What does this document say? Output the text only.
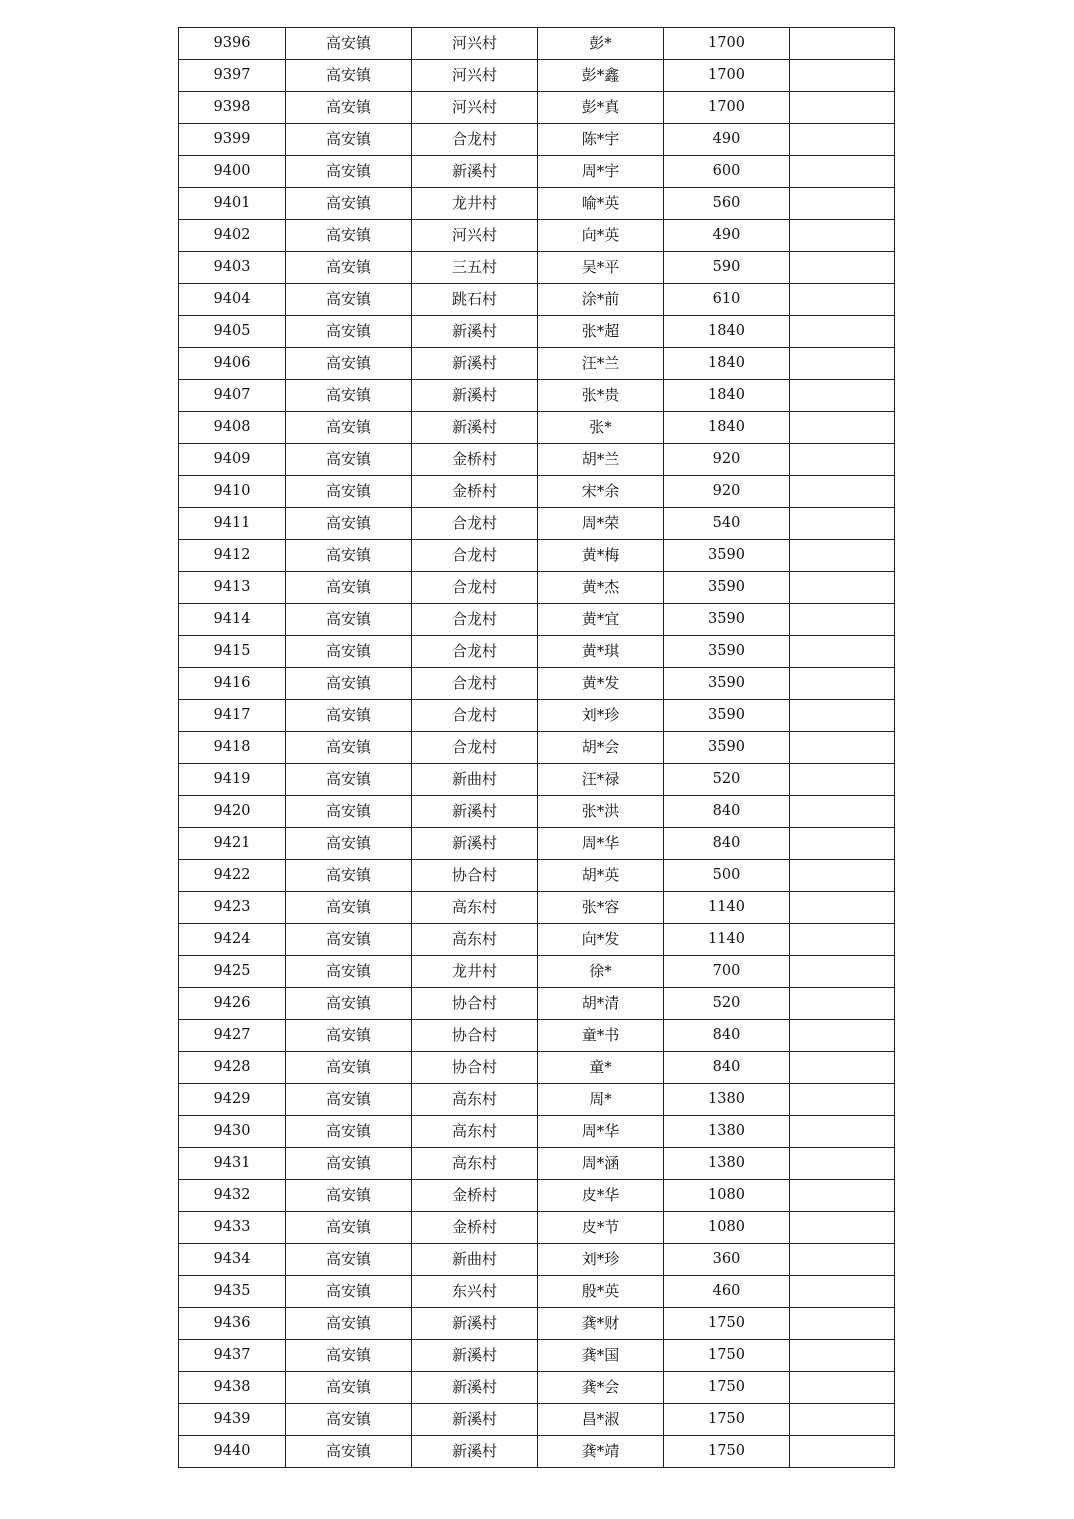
9396	高安镇	河兴村	彭*	1700	
9397	高安镇	河兴村	彭*鑫	1700	
9398	高安镇	河兴村	彭*真	1700	
9399	高安镇	合龙村	陈*宇	490	
9400	高安镇	新溪村	周*宇	600	
9401	高安镇	龙井村	喻*英	560	
9402	高安镇	河兴村	向*英	490	
9403	高安镇	三五村	吴*平	590	
9404	高安镇	跳石村	涂*前	610	
9405	高安镇	新溪村	张*超	1840	
9406	高安镇	新溪村	汪*兰	1840	
9407	高安镇	新溪村	张*贵	1840	
9408	高安镇	新溪村	张*	1840	
9409	高安镇	金桥村	胡*兰	920	
9410	高安镇	金桥村	宋*余	920	
9411	高安镇	合龙村	周*荣	540	
9412	高安镇	合龙村	黄*梅	3590	
9413	高安镇	合龙村	黄*杰	3590	
9414	高安镇	合龙村	黄*宜	3590	
9415	高安镇	合龙村	黄*琪	3590	
9416	高安镇	合龙村	黄*发	3590	
9417	高安镇	合龙村	刘*珍	3590	
9418	高安镇	合龙村	胡*会	3590	
9419	高安镇	新曲村	汪*禄	520	
9420	高安镇	新溪村	张*洪	840	
9421	高安镇	新溪村	周*华	840	
9422	高安镇	协合村	胡*英	500	
9423	高安镇	高东村	张*容	1140	
9424	高安镇	高东村	向*发	1140	
9425	高安镇	龙井村	徐*	700	
9426	高安镇	协合村	胡*清	520	
9427	高安镇	协合村	童*书	840	
9428	高安镇	协合村	童*	840	
9429	高安镇	高东村	周*	1380	
9430	高安镇	高东村	周*华	1380	
9431	高安镇	高东村	周*涵	1380	
9432	高安镇	金桥村	皮*华	1080	
9433	高安镇	金桥村	皮*节	1080	
9434	高安镇	新曲村	刘*珍	360	
9435	高安镇	东兴村	殷*英	460	
9436	高安镇	新溪村	龚*财	1750	
9437	高安镇	新溪村	龚*国	1750	
9438	高安镇	新溪村	龚*会	1750	
9439	高安镇	新溪村	昌*淑	1750	
9440	高安镇	新溪村	龚*靖	1750	
